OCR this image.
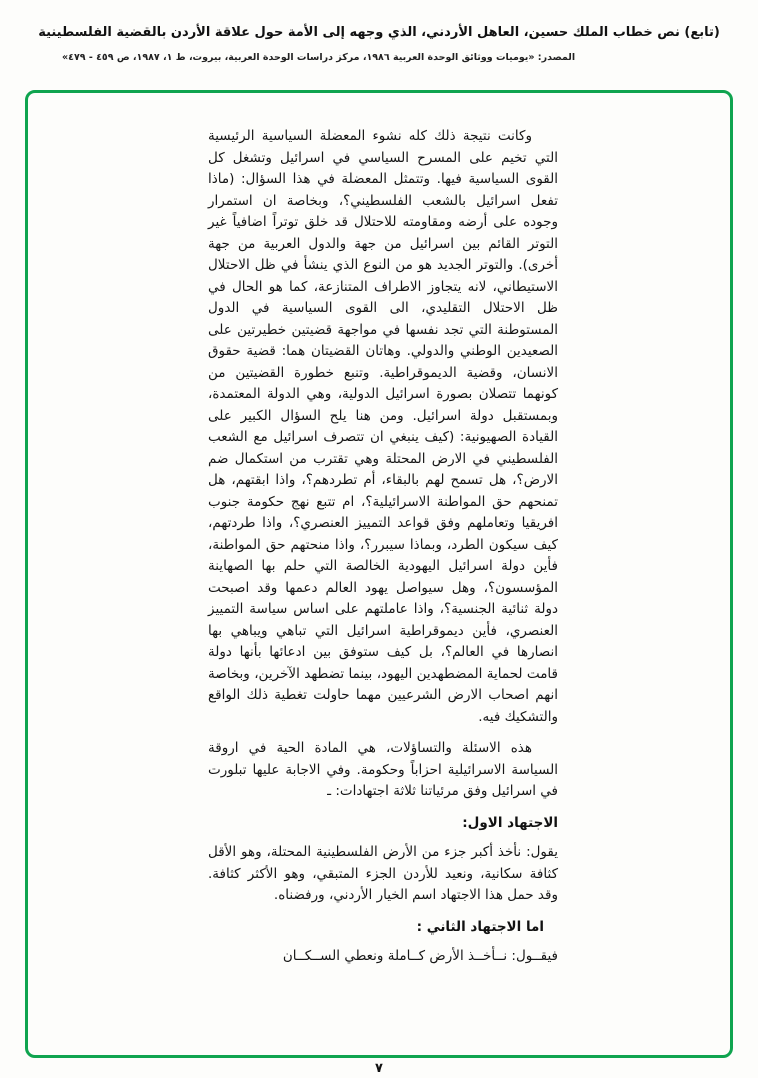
(تابع) نص خطاب الملك حسين، العاهل الأردني، الذي وجهه إلى الأمة حول علاقة الأردن بالقضية الفلسطينية
المصدر: «يوميات ووثائق الوحدة العربية ١٩٨٦، مركز دراسات الوحدة العربية، بيروت، ط ١، ١٩٨٧، ص ٤٥٩ - ٤٧٩»

وكانت نتيجة ذلك كله نشوء المعضلة السياسية الرئيسية التي تخيم على المسرح السياسي في اسرائيل وتشغل كل القوى السياسية فيها. وتتمثل المعضلة في هذا السؤال: (ماذا تفعل اسرائيل بالشعب الفلسطيني؟، وبخاصة ان استمرار وجوده على أرضه ومقاومته للاحتلال قد خلق توتراً اضافياً غير التوتر القائم بين اسرائيل من جهة والدول العربية من جهة أخرى). والتوتر الجديد هو من النوع الذي ينشأ في ظل الاحتلال الاستيطاني، لانه يتجاوز الاطراف المتنازعة، كما هو الحال في ظل الاحتلال التقليدي، الى القوى السياسية في الدول المستوطنة التي تجد نفسها في مواجهة قضيتين خطيرتين على الصعيدين الوطني والدولي. وهاتان القضيتان هما: قضية حقوق الانسان، وقضية الديموقراطية. وتنبع خطورة القضيتين من كونهما تتصلان بصورة اسرائيل الدولية، وهي الدولة المعتمدة، وبمستقبل دولة اسرائيل. ومن هنا يلح السؤال الكبير على القيادة الصهيونية: (كيف ينبغي ان تتصرف اسرائيل مع الشعب الفلسطيني في الارض المحتلة وهي تقترب من استكمال ضم الارض؟، هل تسمح لهم بالبقاء، أم تطردهم؟، واذا ابقتهم، هل تمنحهم حق المواطنة الاسرائيلية؟، ام تتبع نهج حكومة جنوب افريقيا وتعاملهم وفق قواعد التمييز العنصري؟، واذا طردتهم، كيف سيكون الطرد، وبماذا سيبرر؟، واذا منحتهم حق المواطنة، فأين دولة اسرائيل اليهودية الخالصة التي حلم بها الصهاينة المؤسسون؟، وهل سيواصل يهود العالم دعمها وقد اصبحت دولة ثنائية الجنسية؟، واذا عاملتهم على اساس سياسة التمييز العنصري، فأين ديموقراطية اسرائيل التي تباهي ويباهي بها انصارها في العالم؟، بل كيف ستوفق بين ادعائها بأنها دولة قامت لحماية المضطهدين اليهود، بينما تضطهد الآخرين، وبخاصة انهم اصحاب الارض الشرعيين مهما حاولت تغطية ذلك الواقع والتشكيك فيه.

هذه الاسئلة والتساؤلات، هي المادة الحية في اروقة السياسة الاسرائيلية احزاباً وحكومة. وفي الاجابة عليها تبلورت في اسرائيل وفق مرئياتنا ثلاثة اجتهادات: ـ

الاجتهاد الاول:

يقول: نأخذ أكبر جزء من الأرض الفلسطينية المحتلة، وهو الأقل كثافة سكانية، ونعيد للأردن الجزء المتبقي، وهو الأكثر كثافة. وقد حمل هذا الاجتهاد اسم الخيار الأردني، ورفضناه.

اما الاجتهاد الثاني :

فيقــول: نــأخــذ الأرض كــاملة ونعطي الســكــان

٧
